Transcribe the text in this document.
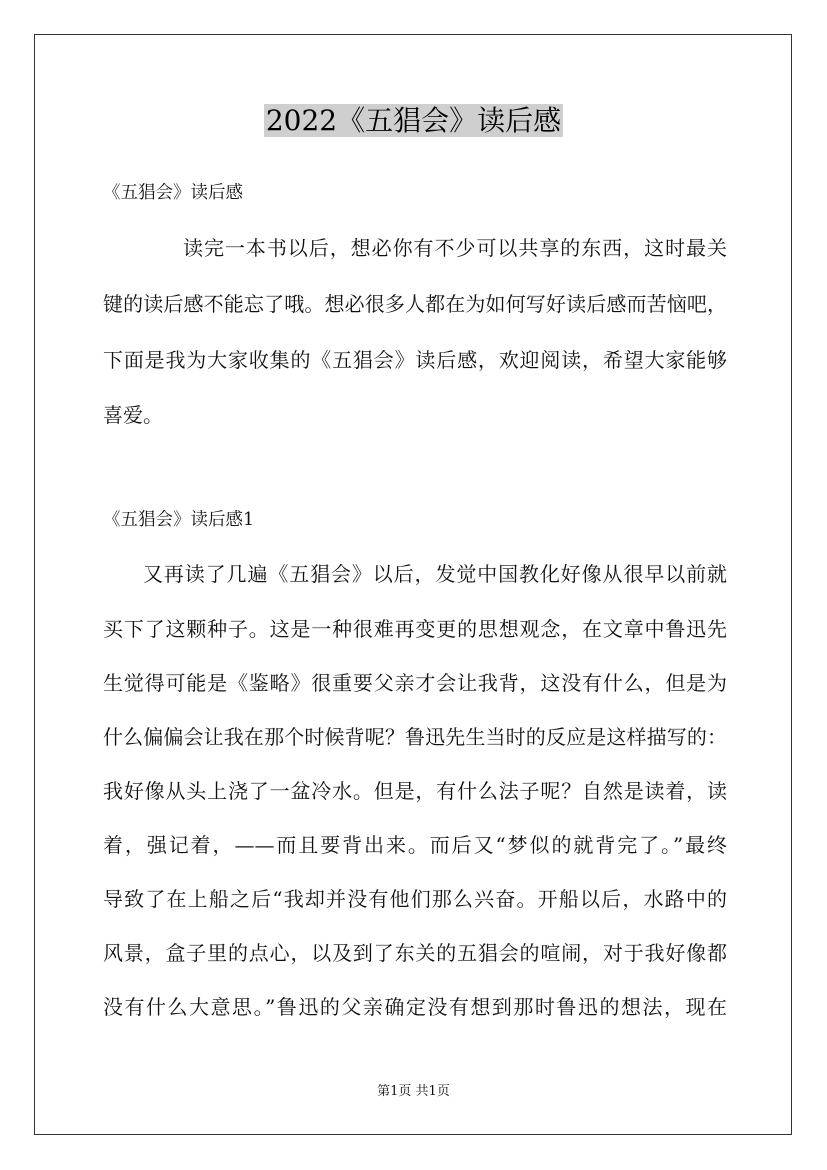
2022《五猖会》读后感
《五猖会》读后感
读完一本书以后，想必你有不少可以共享的东西，这时最关
键的读后感不能忘了哦。想必很多人都在为如何写好读后感而苦恼吧，
下面是我为大家收集的《五猖会》读后感，欢迎阅读，希望大家能够
喜爱。
《五猖会》读后感1
又再读了几遍《五猖会》以后，发觉中国教化好像从很早以前就
买下了这颗种子。这是一种很难再变更的思想观念，在文章中鲁迅先
生觉得可能是《鉴略》很重要父亲才会让我背，这没有什么，但是为
什么偏偏会让我在那个时候背呢？鲁迅先生当时的反应是这样描写的：
我好像从头上浇了一盆冷水。但是，有什么法子呢？自然是读着，读
着，强记着，——而且要背出来。而后又“梦似的就背完了。”最终
导致了在上船之后“我却并没有他们那么兴奋。开船以后，水路中的
风景，盒子里的点心，以及到了东关的五猖会的喧闹，对于我好像都
没有什么大意思。”鲁迅的父亲确定没有想到那时鲁迅的想法，现在
第1页 共1页
